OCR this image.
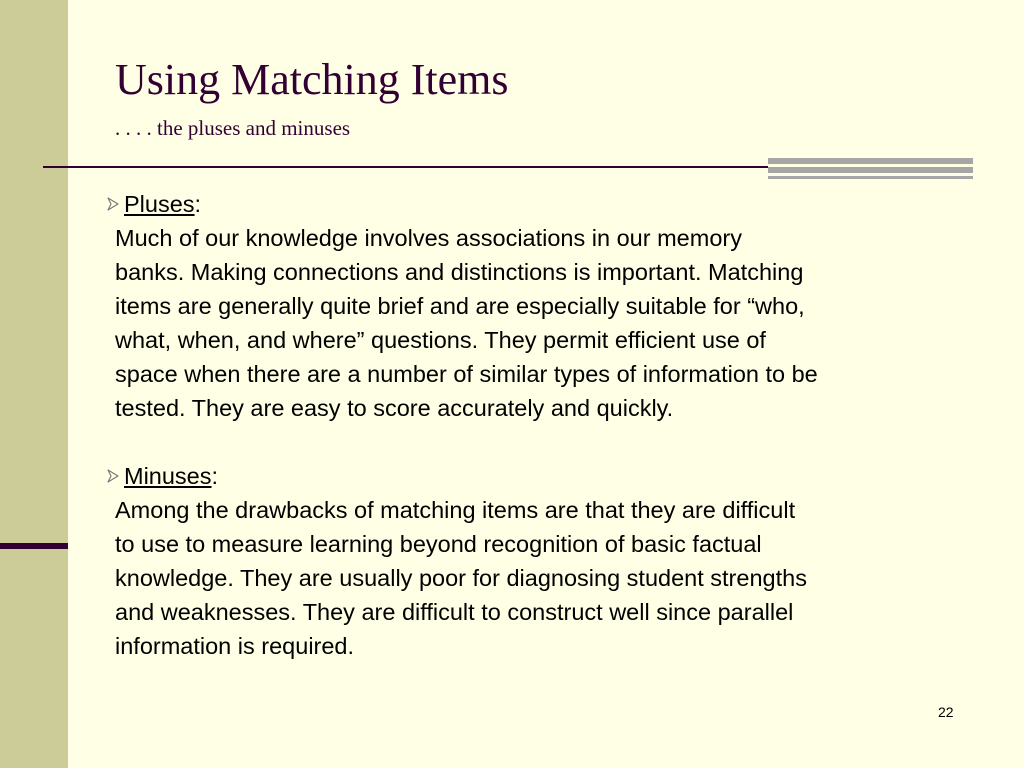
Using Matching Items

. . . . the pluses and minuses

Pluses:

Much of our knowledge involves associations in our memory
banks. Making connections and distinctions is important. Matching
items are generally quite brief and are especially suitable for “who,
what, when, and where” questions. They permit efficient use of
space when there are a number of similar types of information to be
tested. They are easy to score accurately and quickly.

Minuses:

Among the drawbacks of matching items are that they are difficult
to use to measure learning beyond recognition of basic factual
knowledge. They are usually poor for diagnosing student strengths
and weaknesses. They are difficult to construct well since parallel
information is required.

22
